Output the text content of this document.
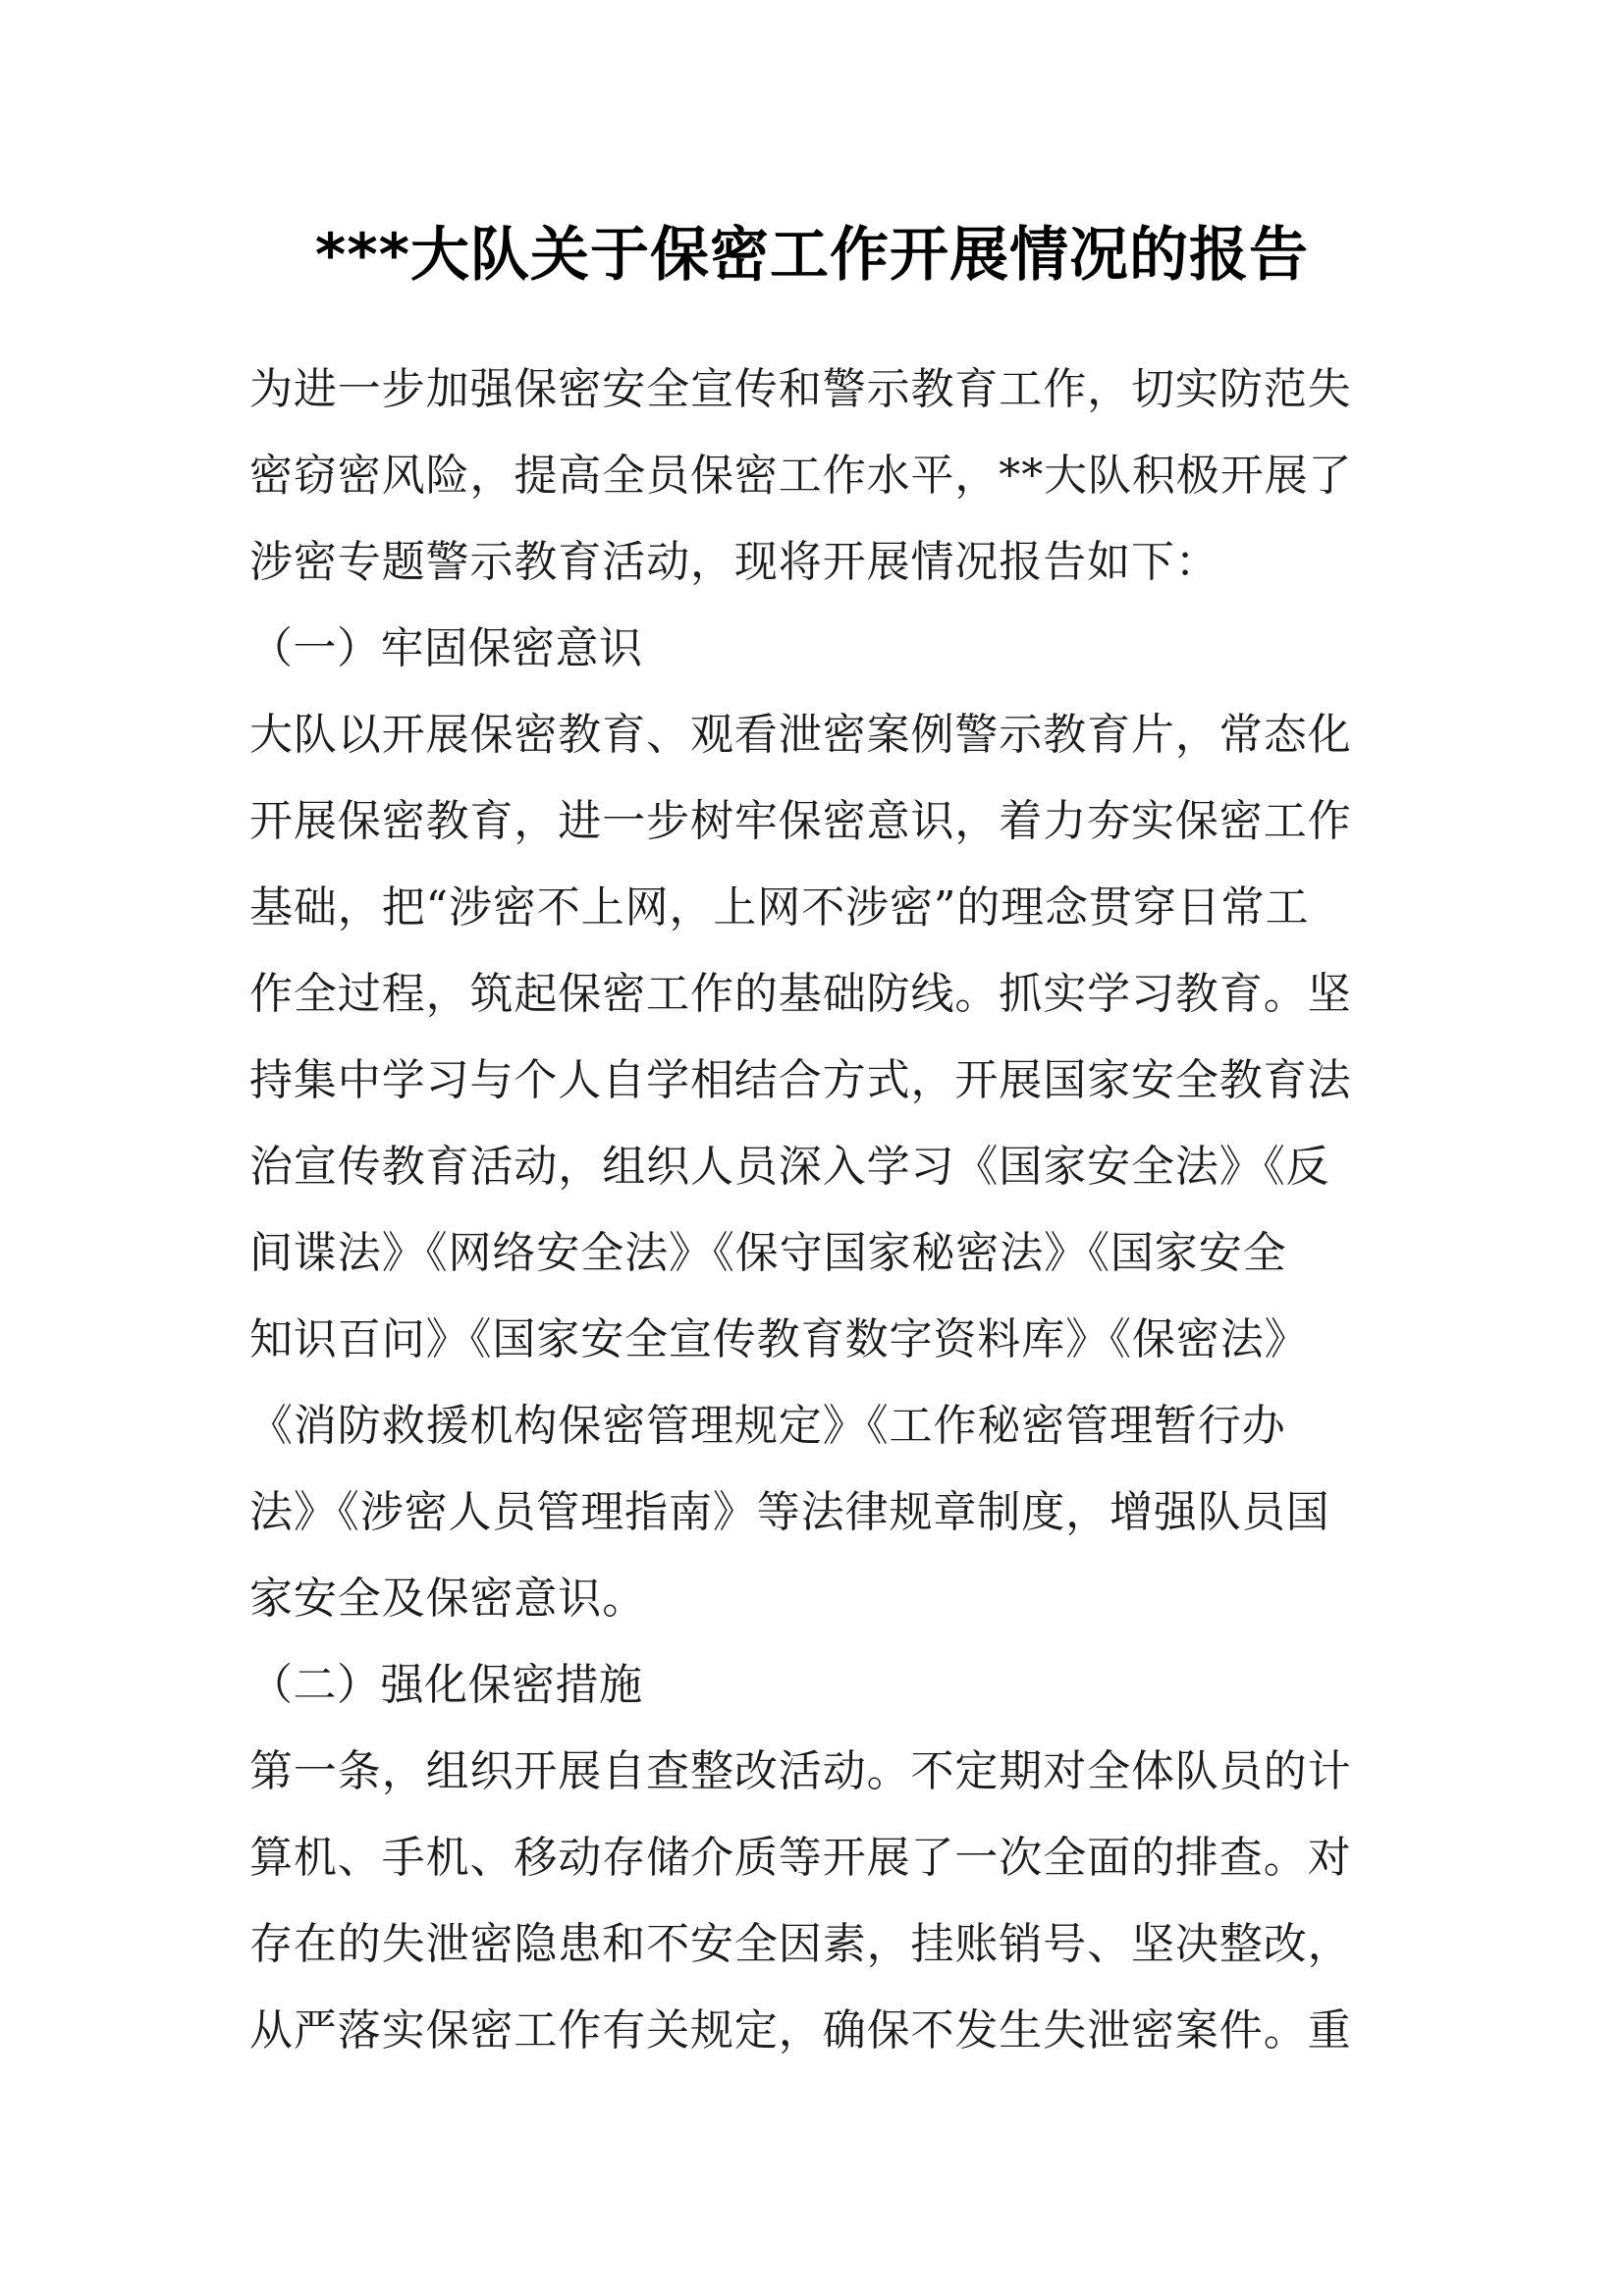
***大队关于保密工作开展情况的报告
为进一步加强保密安全宣传和警示教育工作，切实防范失
密窃密风险，提高全员保密工作水平，**大队积极开展了
涉密专题警示教育活动，现将开展情况报告如下：
（一）牢固保密意识
大队以开展保密教育、观看泄密案例警示教育片，常态化
开展保密教育，进一步树牢保密意识，着力夯实保密工作
基础，把“涉密不上网，上网不涉密”的理念贯穿日常工
作全过程，筑起保密工作的基础防线。抓实学习教育。坚
持集中学习与个人自学相结合方式，开展国家安全教育法
治宣传教育活动，组织人员深入学习《国家安全法》《反
间谍法》《网络安全法》《保守国家秘密法》《国家安全
知识百问》《国家安全宣传教育数字资料库》《保密法》
《消防救援机构保密管理规定》《工作秘密管理暂行办
法》《涉密人员管理指南》等法律规章制度，增强队员国
家安全及保密意识。
（二）强化保密措施
第一条，组织开展自查整改活动。不定期对全体队员的计
算机、手机、移动存储介质等开展了一次全面的排查。对
存在的失泄密隐患和不安全因素，挂账销号、坚决整改，
从严落实保密工作有关规定，确保不发生失泄密案件。重
